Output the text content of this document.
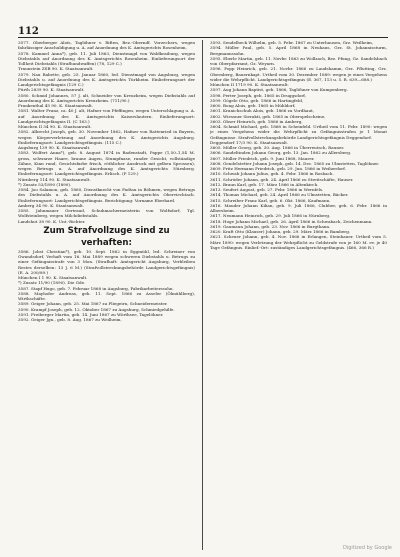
112

3577. Oberberger Aloïs, Taglöhner v. Riften, Bez.-Oberndf. Vorzechers, wegen fahrlässiger Anschuldigung u. A. auf Anordnung des K. Amtsgerichts Rosenheim,

3578. Kammel Anna*), geb. 11. Juli 1863, Dienstmagd von Waldkraiburg, wegen Diebstahls auf Anordnung des K. Amtsgerichts Rosenheim. Einlieferungsort der Tollheit Diebstahls (Strafhundwaffen) (78, 129 C.)

Traunstein ZSB 90. K. Staatsanwalt.

3579. Nau Babette, geb. 25. Januar 1860, led. Dienstmagd von Augsburg, wegen Diebstahls u. auf Anordnung des K. Amtsgerichts Türkheim. Einlieferungsort der Landgerichtsgefängnis (129 C.)

Fürth 2839 90. K. Staatsanwalt.

3580. Schmid Johannes, 57 J. alt, Schneider von Kreuzheim, wegen Diebstahls auf Anordnung des K. Amtsgerichts Kreuzheim. (711/90.)

Frankenthal 45 90. K. Staatsanwalt.

3581. Walter Franz, ca. 40 J. alt, Hafner von Pfeffingen, wegen Unterschlagung u. A. auf Anordnung des K. Amtsgerichts Kaiserslautern. Einlieferungsort: Landgerichtsgefängnis II. (C 163.)

München II 34 90. K. Staatsanwalt.

3582. Albrecht Joseph, geb. 30. November 1862, Hafner von Rattenried in Bayern, wegen Körperverletzung auf Anordnung des K. Amtsgerichts Augsburg. Einlieferungsort: Landgerichtsgefängnis. (115 C.)

Augsburg 139 90. K. Staatsanwalt.

3583. Wolfert Anna*), geb. 8. August 1874 in Badenstadt, Pappe (1,50–1,54 M. gross, schwarze Haare, braune Augen, Stumpfnase, runder Gesicht, vollständige Zähne, Kinn rund, Gesichtsfarbe frisch, röthlicher Ausdruck mit gelben Sprossen), wegen Betrugs u. A. auf Anordnung des K. Amtsgerichts Nürnberg. Einlieferungsort: Landgerichtsgefängnis. Erlisch. (P 129.)

Nürnberg 114 90. K. Staatsanwalt.

*) Zusatz 53/1890 (1890).

3584. Joo Salamon, geb. 1860, Dienstknecht von Fadtau in Böhmen, wegen Betrugs des Diebstahls u. A. auf Anordnung des K. Amtsgerichts Oberviechtach. Einlieferungsort: Landgerichtsgefängnis. Berichtigung: Vorname Eberhard.

Amberg 34 90. K. Staatsanwalt.

3585. Jahnmauer Gertraud, Schuhmachermeisterin von Wolfsdorf, Tgl. Wolfsteinberg, wegen Milchdiebstahls.

Landshut 38 90. K. Unt.-Richter.

Zum Strafvollzuge sind zu verhaften:

3586. Jobst Christian*), geb. 10. Sept. 1862 in Eggmühl, led. Schreiner von Gwandsdorf, Verhaft vom 16. Mai 1889 wegen schweren Diebstahls u. Betrugs zu einer Gefängnisstrafe von 3 Mon. (Strafhaft: Amtsgericht Augsburg, Verbleiben Restes derselben: 13 J. 6 M.) (Strafvollstreckungsbehörde Landgerichtsgefängnis) (E. A. 200/89.)

München I 1 90. K. Staatsanwalt.

*) Zusatz 11/90 (1890). Die Gde.

3587. Stapf Hugo, geb. 7. Februar 1868 in Augsburg, Fabrikarbeiterssohn.

3588. Mayhofer Andreas, geb. 11. Sept. 1866 zu Asseler (Ölmühlberg), Wirthschäfte.

3589. Geiger Johann, geb. 25. Mai 1867 zu Pliegeirn, Schneidermeister.

3590. Krampf Joseph, geb. 12. Oktober 1867 zu Augsburg, Schmiedgehilfe.

3591. Freiberger Martin, geb. 14. Juni 1867 zu Wörthsee, Tagelöhner.

3592. Geiger Jgn., geb. 8. Aug. 1867 zu Weilheim,

3593. Sendelbeck Wilhelm, geb. 5. Febr. 1867 zu Unterhausen, Grz. Weilheim,

3594. Müller Paul, geb. 5. April 1868 in Neuhaus, Grz. St. Johannissturm, Bergmannssohn.

3595. Eberle Martin, geb. 11. Novbr. 1863 zu Wollzach, Bez. Pfung, Gz. Sandelsbach von Oberpfarramt, Gz. Weyarn.

3596. Popp Heinrich, geb. 21. Novbr. 1866 zu Laudshamm, Grz. Pflutting, Grz. Obernberg, Bauernkapt. Urtheil vom 30. Dezember 1889: wegen je eines Vergehens wider die Wehrpflicht. Landgerichtsgefängnis (E. 367, 113 u. 5. R. 639—688.)

München II 1719 90. K. Staatsanwalt.

3597. Aug Johann Baptist, geb. 1866, Taglöhner von Kumpenberg.

3598. Perter Joseph, geb. 1865 in Druggsdorf,

3599. Gögele Otto, geb. 1866 in Hartingfeld,

3600. Bong Alois, geb. 1865 in Mühldorf,

3601. Kranichschuh Alois, geb. 1866 zu Vordhaut,

3602. Wiessner Sierakti, geb. 1865 in Oberspelscheine,

3603. Obser Heinrich, geb. 1866 in Amberg,

3604. Schmid Michael, geb. 1868 in Scheinfeld. Urtheil vom 11. Febr. 1890: wegen je eines Vergehens wider die Wehrpflicht zu Gefängnisstrafen je 1 Monat Gefängnisse. Strafvollstreckungsbehörde Landgerichtsgefängnis Deggendorf.

Deggendorf 17/3 90. K. Staatsanwalt.

3605. Müller Georg, geb. 30. Aug. 1866 in Überreutsch, Rauner.

3606. Sandeltinden Johann Georg, geb. 13. Jan. 1862 zu Allersberg.

3607. Müller Friedrich, geb. 9. Juni 1868, Maurer.

3608. Gendelstetter Johann Joseph, geb. 14. Dec. 1865 zu Ulmstetten, Taglöhner.

3609. Fritz Hermann Friedrich, geb. 29. Jun. 1866 in Weiherdorf.

3610. Schwab Johann Julius, geb. 4. Febr. 1866 in Rosbach.

3611. Schröder Johann, geb. 24. April 1866 zu Streitschäfte, Hauser.

3612. Braun Karl, geb. 17. März 1866 in Altenkirch.

3613. Seufert August, geb. 27. Febr. 1866 in Wernfels.

3614. Thomas Michael, geb. 24. April 1866 zu Ulmstetten, Bäcker.

3615. Schreiber Franz Karl, geb. 6. Okt. 1866, Kaufmann.

3616. Mauder Johann Kilian, geb. 9. Juli 1866, Clubber, geb. 6. Febr. 1866 in Albersheim.

3617. Neumann Heinrich, geb. 29. Juli 1866 in Nürnberg.

3618. Hoge Johann Michael, geb. 26. April 1866 in Schwabach, Zeichenmann.

3619. Gaumaun Johann, geb. 23. Nov. 1866 in Burgthann.

3620. Kraft Otto (Klauser) Johann, geb. 29. März 1866 in Bamberg.

3621. Scheuer Johann, geb. 4. Nov. 1866 in Erlangen, Steinhauer. Urtheil vom 5. März 1890: wegen Verletzung der Wehrpflicht zu Geldstrafe von je 160 M. ev. je 40 Tage Gefängnis. Einlief.-Ort: zuständiges Landgerichtsgefängnis. (466, 366 R.)

Digitized by Google
